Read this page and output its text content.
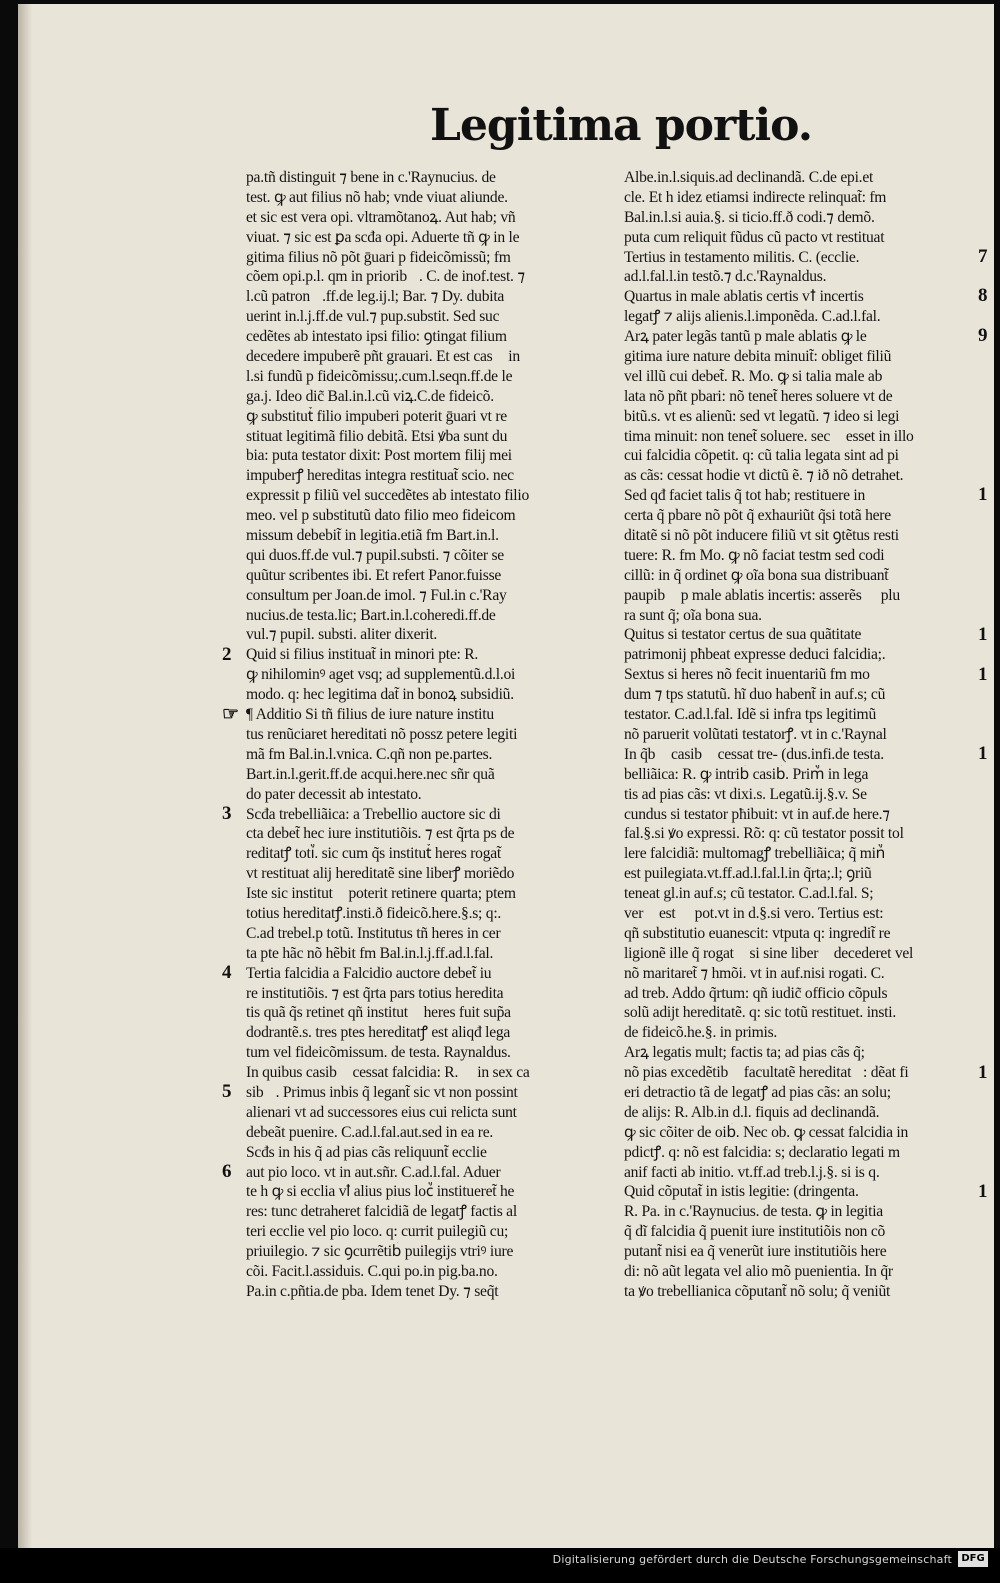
Legitima portio.
pa.tñ distinguit ⁊ bene in c.'Raynucius. de
test. ꝙ aut filius nõ hab; vnde viuat aliunde.
et sic est vera opi. vltramõtanoꝝ. Aut hab; vñ
viuat. ⁊ sic est ꝑa scđa opi. Aduerte tñ ꝙ in le
gitima filius nõ põt ḡuari p fideicõmissũ; fm
cõem opi.p.l. qm in priorib᷒. C. de inof.test. ⁊
l.cũ patron᷒.ff.de leg.ij.l; Bar. ⁊ Dy. dubita
uerint in.l.j.ff.de vul.⁊ pup.substit. Sed suc
cedẽtes ab intestato ipsi filio: ꝯtingat filium
decedere impuberẽ pñt grauari. Et est cas᷒ in
l.si fundũ p fideicõmissu;.cum.l.seqn.ff.de le
ga.j. Ideo dic̃ Bal.in.l.cũ viꝝ.C.de fideicõ.
ꝙ substitut᷒ filio impuberi poterit ḡuari vt re
stituat legitimã filio debitã. Etsi ꝟba sunt du
bia: puta testator dixit: Post mortem filij mei
impuberꝭ hereditas integra restituat̃ scio. nec
expressit p filiũ vel succedẽtes ab intestato filio
meo. vel p substitutũ dato filio meo fideicom
missum debebit̃ in legitia.etiã fm Bart.in.l.
qui duos.ff.de vul.⁊ pupil.substi. ⁊ cõiter se
quũtur scribentes ibi. Et refert Panor.fuisse
consultum per Joan.de imol. ⁊ Ful.in c.'Ray
nucius.de testa.lic; Bart.in.l.coheredi.ff.de
vul.⁊ pupil. substi. aliter dixerit.
Quid si filius instituat̃ in minori pte: R.
ꝙ nihilominꝰ aget vsq; ad supplementũ.d.l.oi
modo. q: hec legitima dat̃ in bonoꝝ subsidiũ.
¶ Additio Si tñ filius de iure nature institu
tus renũciaret hereditati nõ possz petere legiti
mã fm Bal.in.l.vnica. C.qñ non pe.partes.
Bart.in.l.gerit.ff.de acqui.here.nec sñr quã
do pater decessit ab intestato.
Scđa trebelliãica: a Trebellio auctore sic di
cta debet̃ hec iure institutiõis. ⁊ est q̃rta ps de
reditatꝭ toti᷒. sic cum q̃s institut᷒ heres rogat̃
vt restituat alij hereditatẽ sine liberꝭ moriẽdo
Iste sic institut᷒ poterit retinere quarta; ptem
totius hereditatꝭ.insti.ð fideicõ.here.§.s; q:.
C.ad trebel.p totũ. Institutus tñ heres in cer
ta pte hãc nõ hẽbit fm Bal.in.l.j.ff.ad.l.fal.
Tertia falcidia a Falcidio auctore debet̃ iu
re institutiõis. ⁊ est q̃rta pars totius heredita
tis quã q̃s retinet qñ institut᷒ heres fuit sup̃a
dodrantẽ.s. tres ptes hereditatꝭ est aliqđ lega
tum vel fideicõmissum. de testa. Raynaldus.
In quibus casib᷒ cessat falcidia: R. ꝙ in sex ca
sib᷒. Primus inbis q̃ legant̃ sic vt non possint
alienari vt ad successores eius cui relicta sunt
debeãt puenire. C.ad.l.fal.aut.sed in ea re.
Scđs in his q̃ ad pias cãs reliquunt̃ ecclie
aut pio loco. vt in aut.sñr. C.ad.l.fal. Aduer
te h ꝙ si ecclia vꝉ alius pius loc᷒ institueret̃ he
res: tunc detraheret falcidiã de legatꝭ factis al
teri ecclie vel pio loco. q: currit puilegiũ cu;
priuilegio. ⁊ sic ꝯcurrẽtib᷒ puilegijs vtriꝰ iure
cõi. Facit.l.assiduis. C.qui po.in pig.ba.no.
Pa.in c.pñtia.de pba. Idem tenet Dy. ⁊ seq̃t
Albe.in.l.siquis.ad declinandã. C.de epi.et
cle. Et h idez etiamsi indirecte relinquat̃: fm
Bal.in.l.si auia.§. si ticio.ff.ð codi.⁊ demõ.
puta cum reliquit fũdus cũ pacto vt restituat
Tertius in testamento militis. C. (ecclie.
ad.l.fal.l.in testõ.⁊ d.c.'Raynaldus.
Quartus in male ablatis certis vꝉ incertis
legatꝭ ⁊ alijs alienis.l.imponẽda. C.ad.l.fal.
Arꝝ pater legãs tantũ p male ablatis ꝙ le
gitima iure nature debita minuit̃: obliget filiũ
vel illũ cui debet̃. R. Mo. ꝙ si talia male ab
lata nõ pñt pbari: nõ tenet̃ heres soluere vt de
bitũ.s. vt es alienũ: sed vt legatũ. ⁊ ideo si legi
tima minuit: non tenet̃ soluere. sec᷒ esset in illo
cui falcidia cõpetit. q: cũ talia legata sint ad pi
as cãs: cessat hodie vt dictũ ẽ. ⁊ ið nõ detrahet.
Sed qđ faciet talis q̃ tot hab; restituere in
certa q̃ pbare nõ põt q̃ exhauriũt q̃si totã here
ditatẽ si nõ põt inducere filiũ vt sit ꝯtẽtus resti
tuere: R. fm Mo. ꝙ nõ faciat testm sed codi
cillũ: in q̃ ordinet ꝙ oĩa bona sua distribuant̃
paupib᷒ p male ablatis incertis: asserẽs ꝙ plu
ra sunt q̃; oĩa bona sua.
Quitus si testator certus de sua quãtitate
patrimonij pħbeat expresse deduci falcidia;.
Sextus si heres nõ fecit inuentariũ fm mo
dum ⁊ tps statutũ. hĩ duo habent̃ in auf.s; cũ
testator. C.ad.l.fal. Idẽ si infra tps legitimũ
nõ paruerit volũtati testatorꝭ. vt in c.'Raynal
In q̃b᷒ casib᷒ cessat tre- (dus.infi.de testa.
belliãica: R. ꝙ intrib᷒ casib᷒. Prim᷒ in lega
tis ad pias cãs: vt dixi.s. Legatũ.ij.§.v. Se
cundus si testator pħibuit: vt in auf.de here.⁊
fal.§.si ꝟo expressi. Rõ: q: cũ testator possit tol
lere falcidiã: multomagꝭ trebelliãica; q̃ min᷒
est puilegiata.vt.ff.ad.l.fal.l.in q̃rta;.l; ꝯriũ
teneat gl.in auf.s; cũ testator. C.ad.l.fal. S;
ver᷒ est ꝙ pot.vt in d.§.si vero. Tertius est:
qñ substitutio euanescit: vtputa q: ingredit̃ re
ligionẽ ille q̃ rogat᷒ si sine liberꝭ decederet vel
nõ maritaret̃ ⁊ hmõi. vt in auf.nisi rogati. C.
ad treb. Addo q̃rtum: qñ iudic̃ officio cõpuls᷒
solũ adijt hereditatẽ. q: sic totũ restituet. insti.
de fideicõ.he.§. in primis.
Arꝝ legatis mult; factis ta; ad pias cãs q̃;
nõ pias excedẽtib᷒ facultatẽ hereditatꝭ: dẽat fi
eri detractio tã de legatꝭ ad pias cãs: an solu;
de alijs: R. Alb.in d.l. fiquis ad declinandã.
ꝙ sic cõiter de oib᷒. Nec ob. ꝙ cessat falcidia in
pdictꝭ. q: nõ est falcidia: s; declaratio legati m
anif facti ab initio. vt.ff.ad treb.l.j.§. si is q.
Quid cõputat̃ in istis legitie: (dringenta.
R. Pa. in c.'Raynucius. de testa. ꝙ in legitia
q̃ dĩ falcidia q̃ puenit iure institutiõis non cõ
putant̃ nisi ea q̃ venerũt iure institutiõis here
di: nõ aũt legata vel alio mõ puenientia. In q̃r
ta ꝟo trebellianica cõputant̃ nõ solu; q̃ veniũt
2
☞
3
4
5
6
7
8
9
1
1
1
1
1
1
Digitalisierung gefördert durch die Deutsche Forschungsgemeinschaft DFG
